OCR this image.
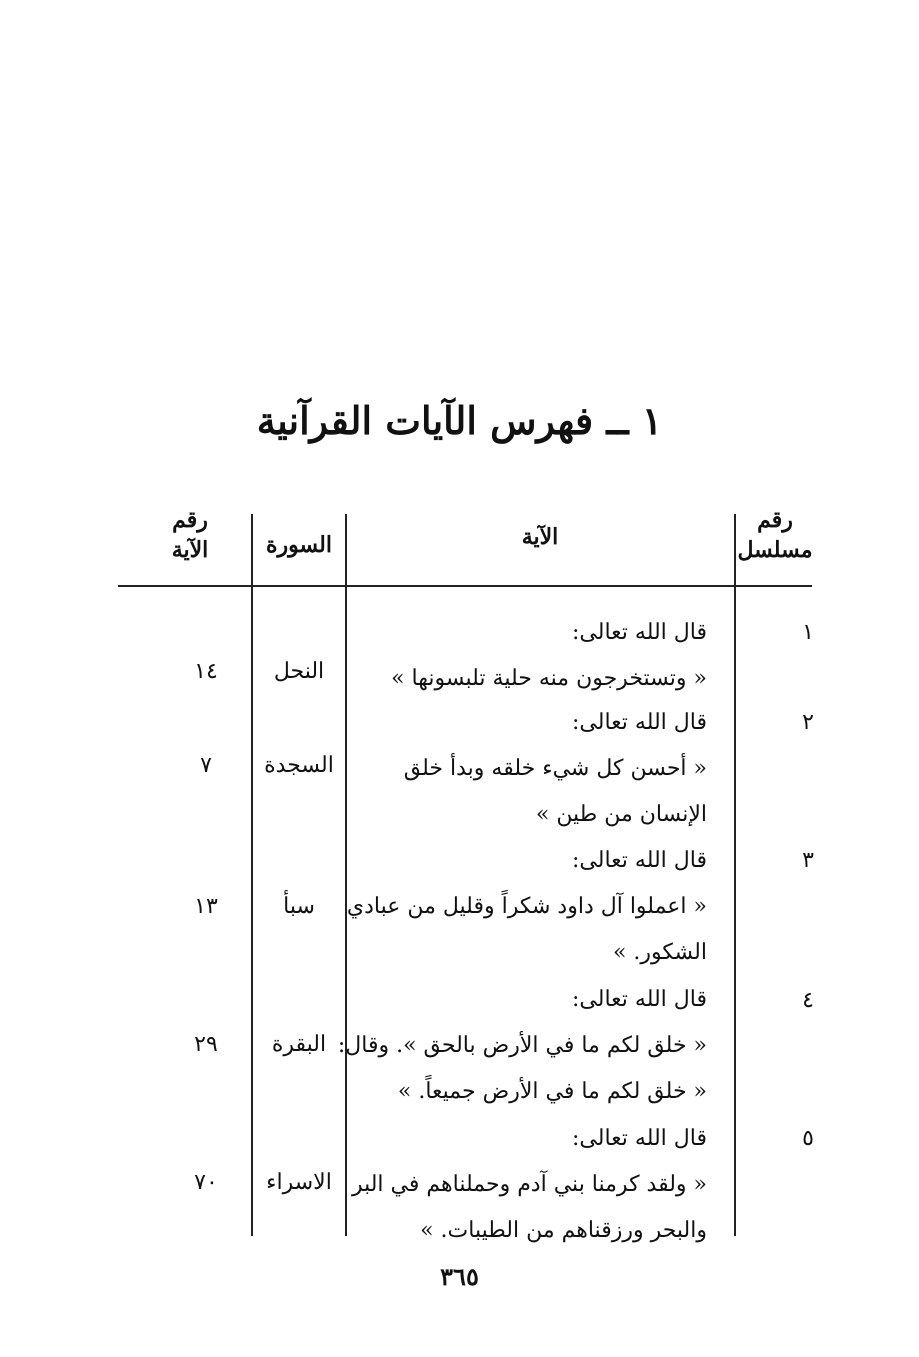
١ ــ فهرس الآيات القرآنية
رقم
مسلسل
الآية
السورة
رقم
الآية
١
قال الله تعالى:
« وتستخرجون منه حلية تلبسونها »
النحل
١٤
٢
قال الله تعالى:
« أحسن كل شيء خلقه وبدأ خلق
الإنسان من طين »
السجدة
٧
٣
قال الله تعالى:
« اعملوا آل داود شكراً وقليل من عبادي
الشكور. »
سبأ
١٣
٤
قال الله تعالى:
« خلق لكم ما في الأرض بالحق ». وقال:
« خلق لكم ما في الأرض جميعاً. »
البقرة
٢٩
٥
قال الله تعالى:
« ولقد كرمنا بني آدم وحملناهم في البر
والبحر ورزقناهم من الطيبات. »
الاسراء
٧٠
٣٦٥
